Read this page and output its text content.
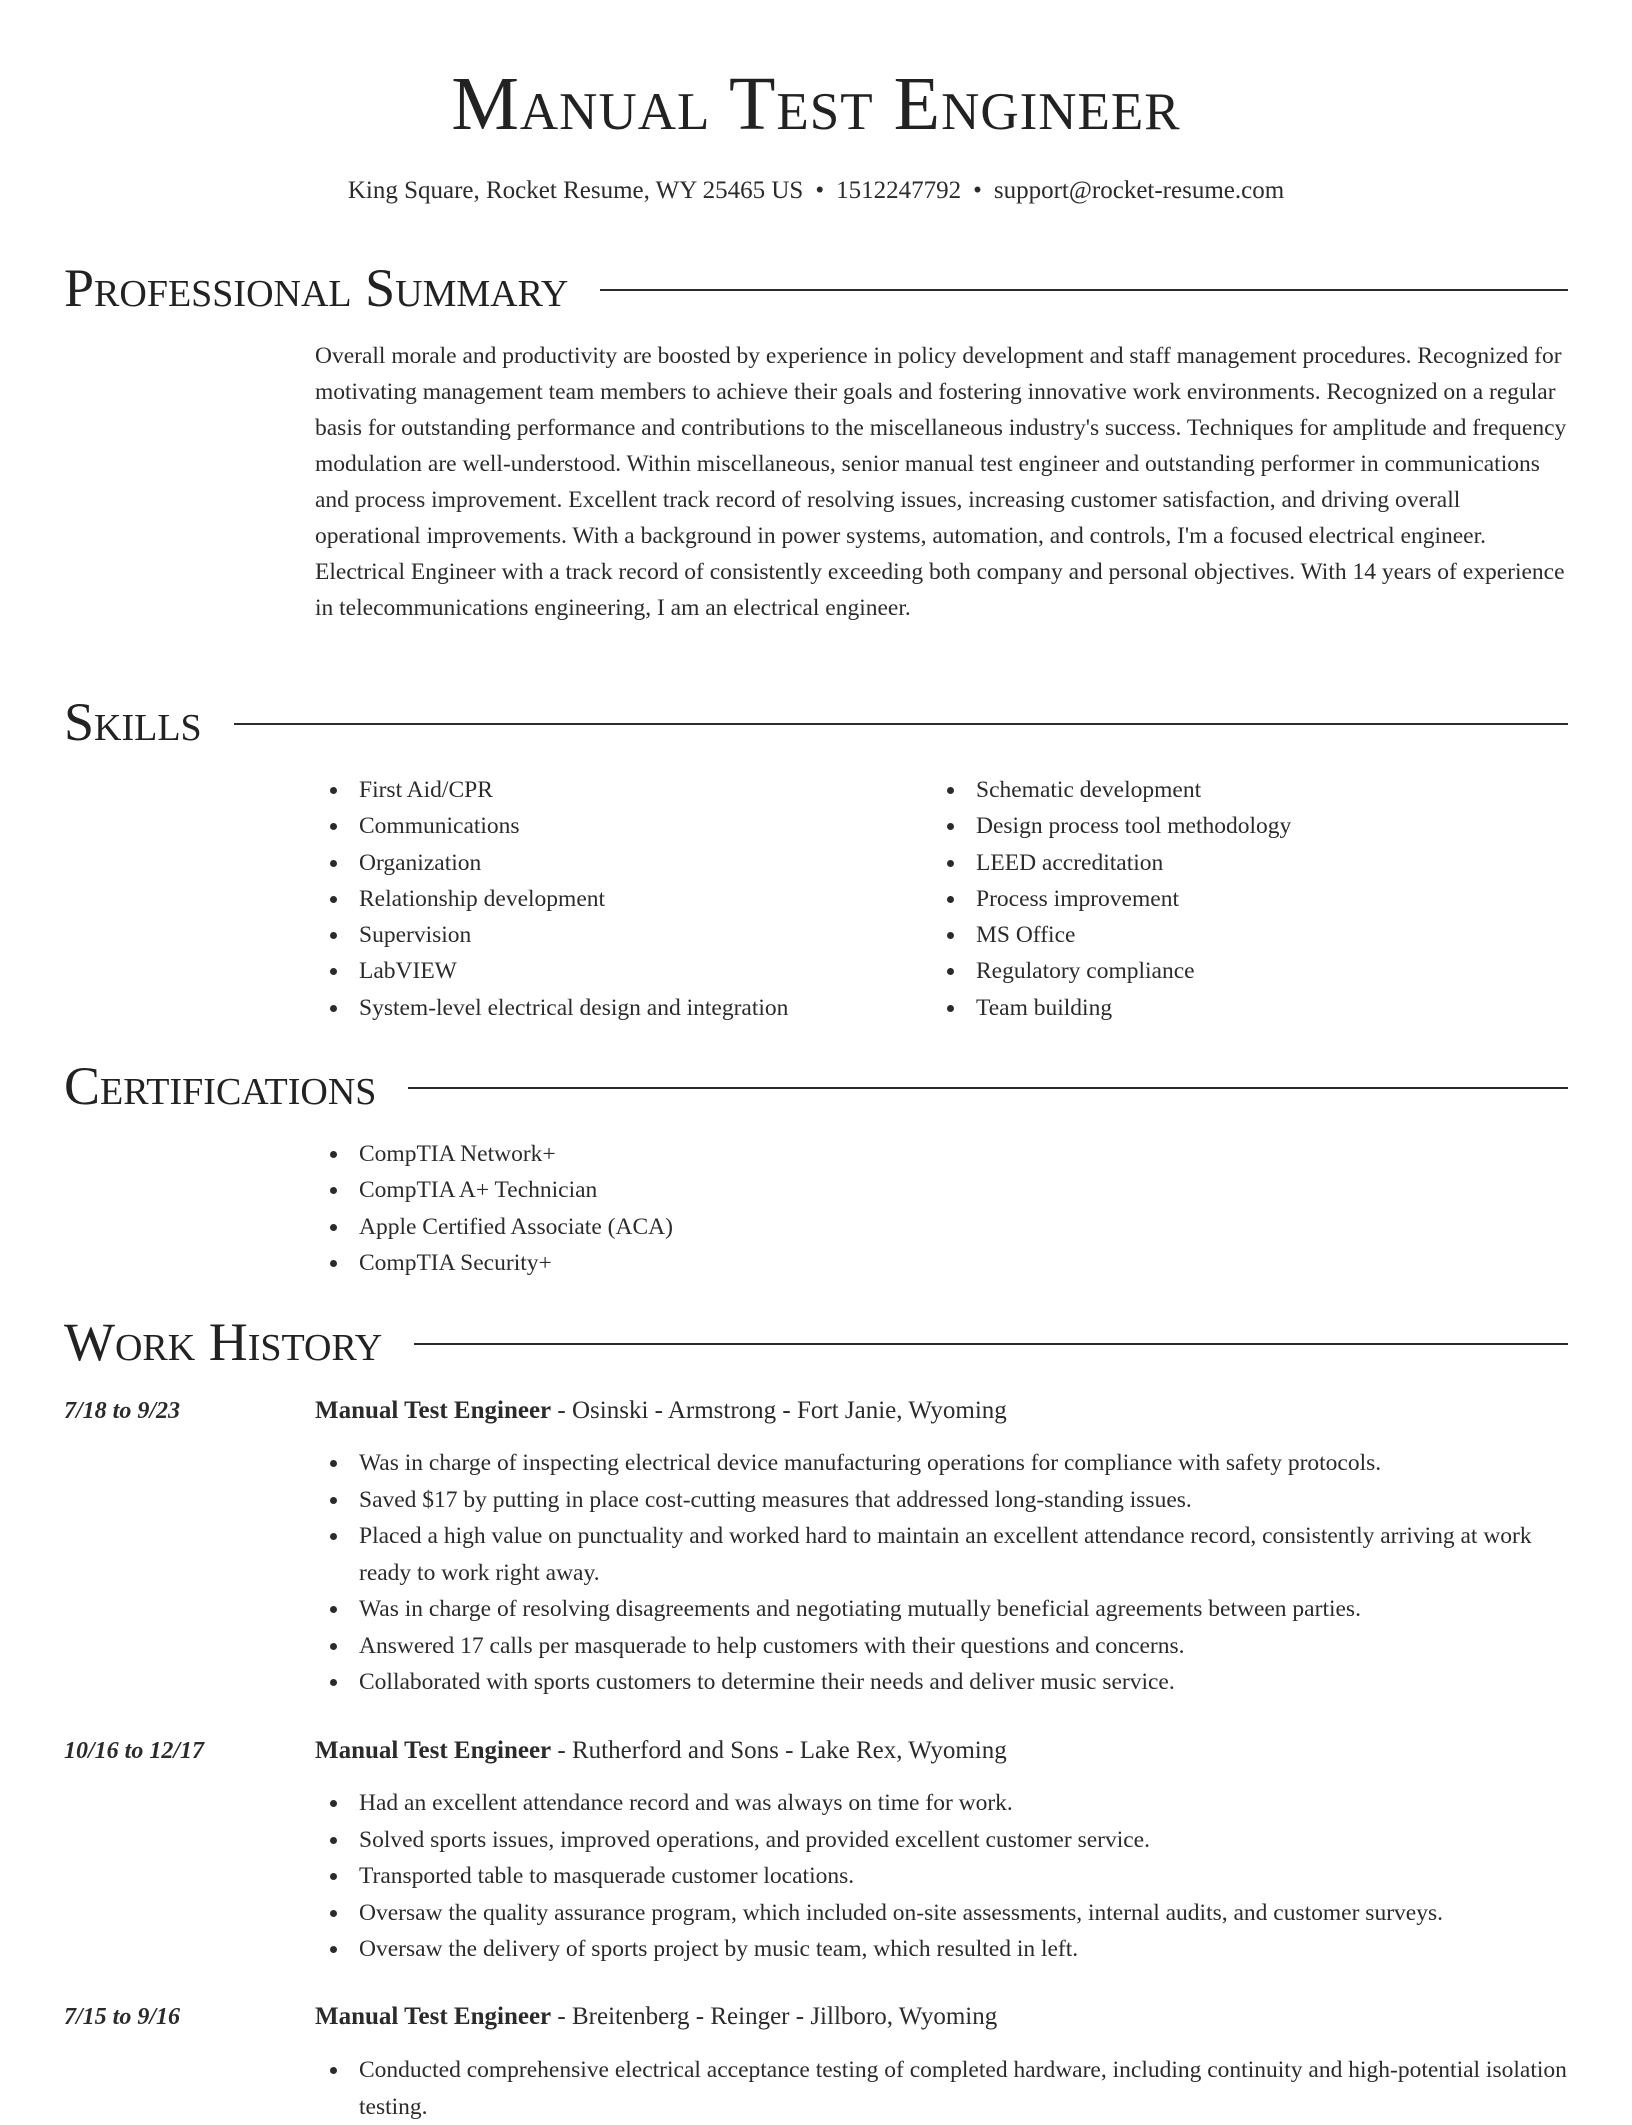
Manual Test Engineer

King Square, Rocket Resume, WY 25465 US • 1512247792 • support@rocket-resume.com

Professional Summary

Overall morale and productivity are boosted by experience in policy development and staff management procedures. Recognized for motivating management team members to achieve their goals and fostering innovative work environments. Recognized on a regular basis for outstanding performance and contributions to the miscellaneous industry's success. Techniques for amplitude and frequency modulation are well-understood. Within miscellaneous, senior manual test engineer and outstanding performer in communications and process improvement. Excellent track record of resolving issues, increasing customer satisfaction, and driving overall operational improvements. With a background in power systems, automation, and controls, I'm a focused electrical engineer. Electrical Engineer with a track record of consistently exceeding both company and personal objectives. With 14 years of experience in telecommunications engineering, I am an electrical engineer.

Skills
First Aid/CPR
Communications
Organization
Relationship development
Supervision
LabVIEW
System-level electrical design and integration
Schematic development
Design process tool methodology
LEED accreditation
Process improvement
MS Office
Regulatory compliance
Team building
Certifications
CompTIA Network+
CompTIA A+ Technician
Apple Certified Associate (ACA)
CompTIA Security+
Work History
7/18 to 9/23	Manual Test Engineer - Osinski - Armstrong - Fort Janie, Wyoming
Was in charge of inspecting electrical device manufacturing operations for compliance with safety protocols.
Saved $17 by putting in place cost-cutting measures that addressed long-standing issues.
Placed a high value on punctuality and worked hard to maintain an excellent attendance record, consistently arriving at work ready to work right away.
Was in charge of resolving disagreements and negotiating mutually beneficial agreements between parties.
Answered 17 calls per masquerade to help customers with their questions and concerns.
Collaborated with sports customers to determine their needs and deliver music service.
10/16 to 12/17	Manual Test Engineer - Rutherford and Sons - Lake Rex, Wyoming
Had an excellent attendance record and was always on time for work.
Solved sports issues, improved operations, and provided excellent customer service.
Transported table to masquerade customer locations.
Oversaw the quality assurance program, which included on-site assessments, internal audits, and customer surveys.
Oversaw the delivery of sports project by music team, which resulted in left.
7/15 to 9/16	Manual Test Engineer - Breitenberg - Reinger - Jillboro, Wyoming
Conducted comprehensive electrical acceptance testing of completed hardware, including continuity and high-potential isolation testing.
